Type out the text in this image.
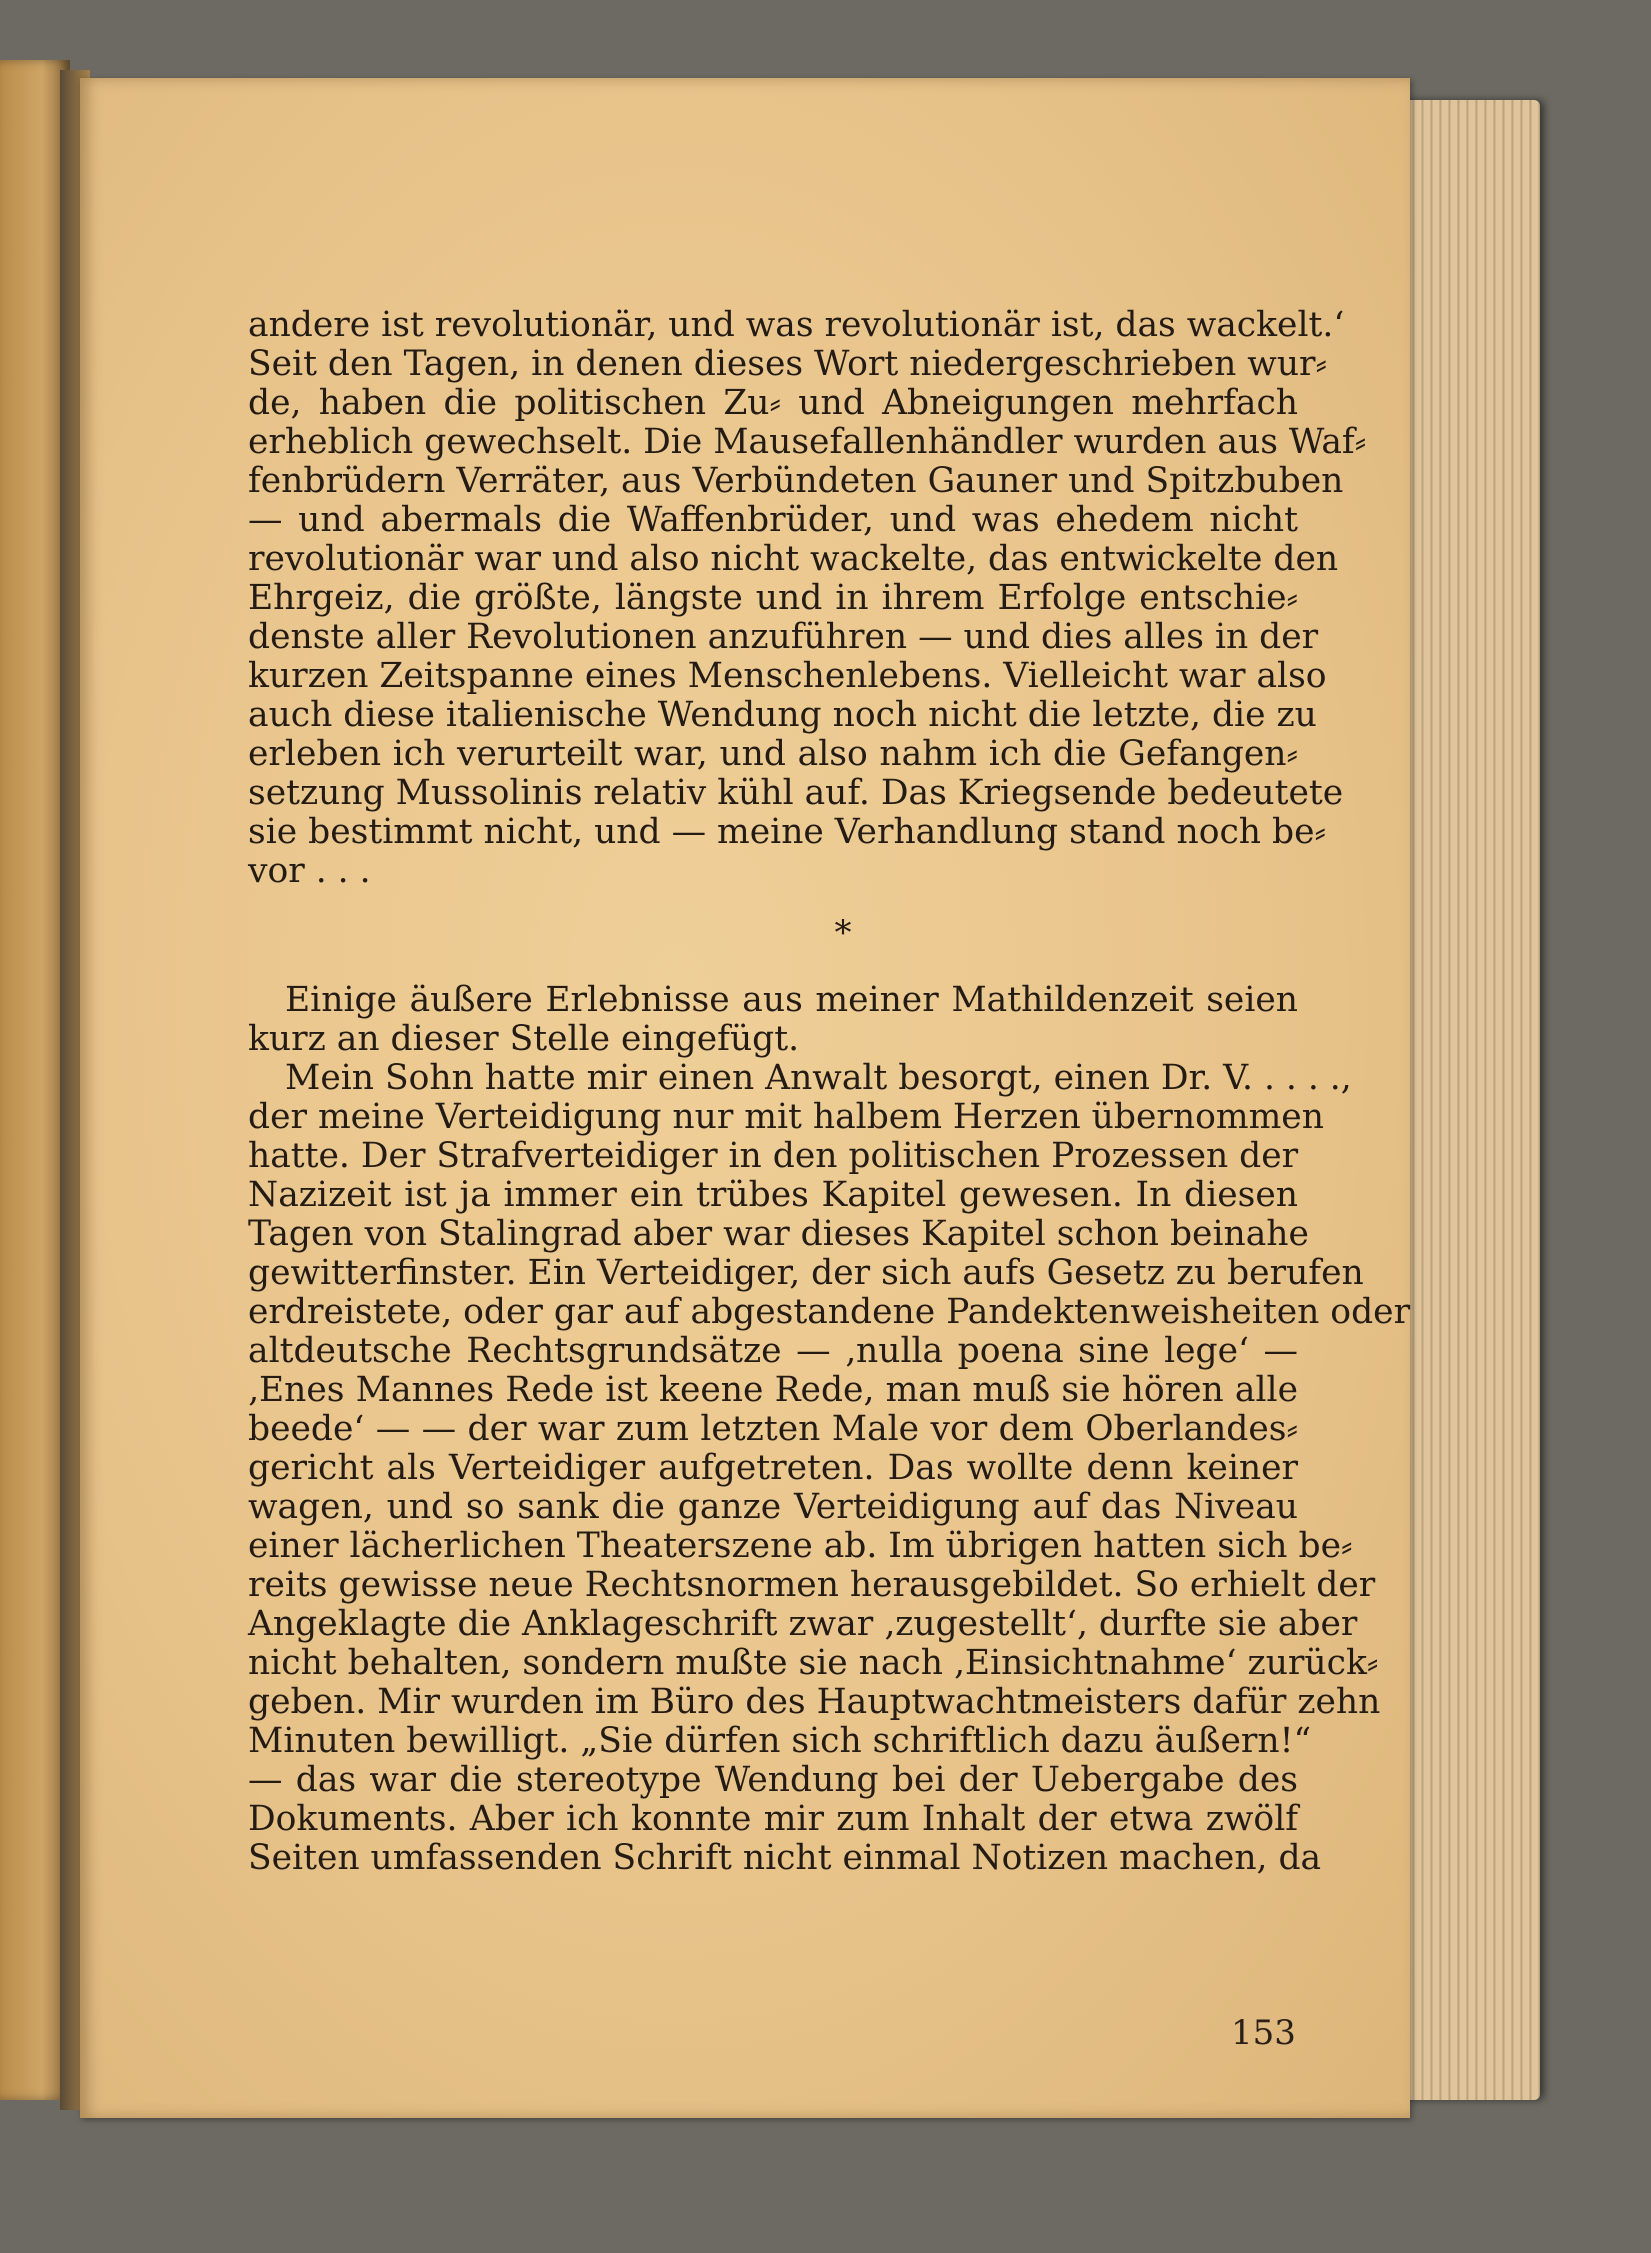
andere ist revolutionär, und was revolutionär ist, das wackelt.‘
Seit den Tagen, in denen dieses Wort niedergeschrieben wur⸗
de, haben die politischen Zu⸗ und Abneigungen mehrfach
erheblich gewechselt. Die Mausefallenhändler wurden aus Waf⸗
fenbrüdern Verräter, aus Verbündeten Gauner und Spitzbuben
— und abermals die Waffenbrüder, und was ehedem nicht
revolutionär war und also nicht wackelte, das entwickelte den
Ehrgeiz, die größte, längste und in ihrem Erfolge entschie⸗
denste aller Revolutionen anzuführen — und dies alles in der
kurzen Zeitspanne eines Menschenlebens. Vielleicht war also
auch diese italienische Wendung noch nicht die letzte, die zu
erleben ich verurteilt war, und also nahm ich die Gefangen⸗
setzung Mussolinis relativ kühl auf. Das Kriegsende bedeutete
sie bestimmt nicht, und — meine Verhandlung stand noch be⸗
vor . . .
*
Einige äußere Erlebnisse aus meiner Mathildenzeit seien
kurz an dieser Stelle eingefügt.
Mein Sohn hatte mir einen Anwalt besorgt, einen Dr. V. . . . .,
der meine Verteidigung nur mit halbem Herzen übernommen
hatte. Der Strafverteidiger in den politischen Prozessen der
Nazizeit ist ja immer ein trübes Kapitel gewesen. In diesen
Tagen von Stalingrad aber war dieses Kapitel schon beinahe
gewitterfinster. Ein Verteidiger, der sich aufs Gesetz zu berufen
erdreistete, oder gar auf abgestandene Pandektenweisheiten oder
altdeutsche Rechtsgrundsätze — ‚nulla poena sine lege‘ —
‚Enes Mannes Rede ist keene Rede, man muß sie hören alle
beede‘ — — der war zum letzten Male vor dem Oberlandes⸗
gericht als Verteidiger aufgetreten. Das wollte denn keiner
wagen, und so sank die ganze Verteidigung auf das Niveau
einer lächerlichen Theaterszene ab. Im übrigen hatten sich be⸗
reits gewisse neue Rechtsnormen herausgebildet. So erhielt der
Angeklagte die Anklageschrift zwar ‚zugestellt‘, durfte sie aber
nicht behalten, sondern mußte sie nach ‚Einsichtnahme‘ zurück⸗
geben. Mir wurden im Büro des Hauptwachtmeisters dafür zehn
Minuten bewilligt. „Sie dürfen sich schriftlich dazu äußern!“
— das war die stereotype Wendung bei der Uebergabe des
Dokuments. Aber ich konnte mir zum Inhalt der etwa zwölf
Seiten umfassenden Schrift nicht einmal Notizen machen, da
153
